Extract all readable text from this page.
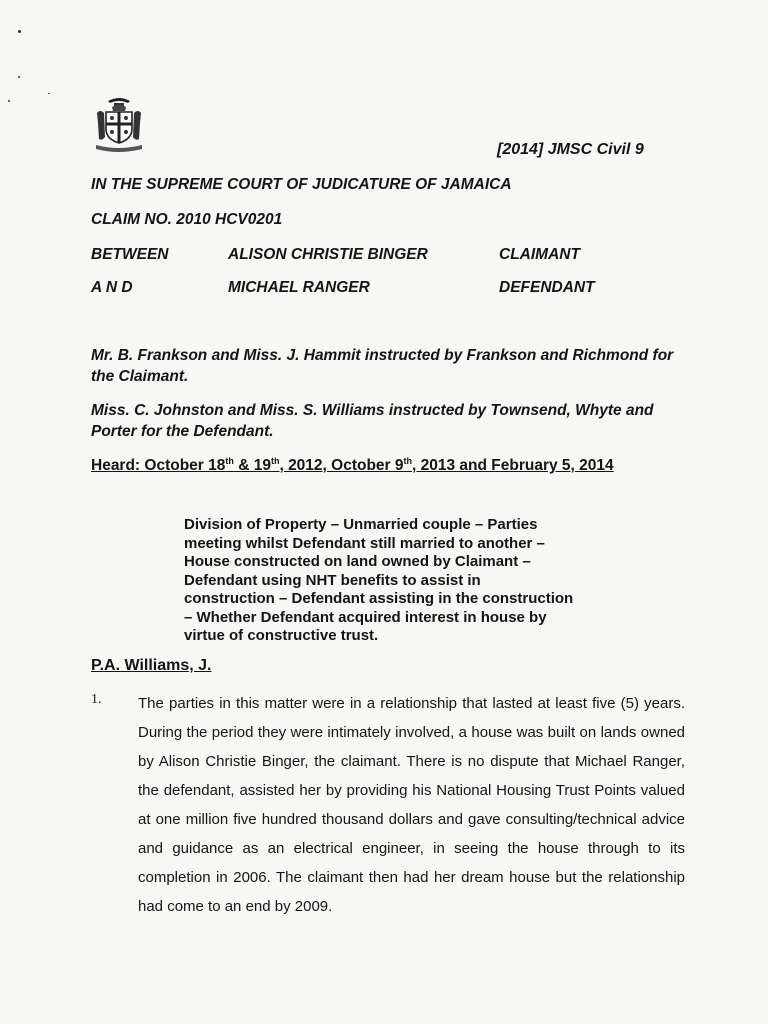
[2014] JMSC Civil 9
IN THE SUPREME COURT OF JUDICATURE OF JAMAICA
CLAIM NO. 2010 HCV0201
BETWEEN	ALISON CHRISTIE BINGER	CLAIMANT
A N D	MICHAEL RANGER	DEFENDANT
Mr. B. Frankson and Miss. J. Hammit instructed by Frankson and Richmond for the Claimant.
Miss. C. Johnston and Miss. S. Williams instructed by Townsend, Whyte and Porter for the Defendant.
Heard: October 18th & 19th, 2012, October 9th, 2013 and February 5, 2014
Division of Property – Unmarried couple – Parties meeting whilst Defendant still married to another – House constructed on land owned by Claimant – Defendant using NHT benefits to assist in construction – Defendant assisting in the construction – Whether Defendant acquired interest in house by virtue of constructive trust.
P.A. Williams, J.
1. The parties in this matter were in a relationship that lasted at least five (5) years. During the period they were intimately involved, a house was built on lands owned by Alison Christie Binger, the claimant. There is no dispute that Michael Ranger, the defendant, assisted her by providing his National Housing Trust Points valued at one million five hundred thousand dollars and gave consulting/technical advice and guidance as an electrical engineer, in seeing the house through to its completion in 2006. The claimant then had her dream house but the relationship had come to an end by 2009.
